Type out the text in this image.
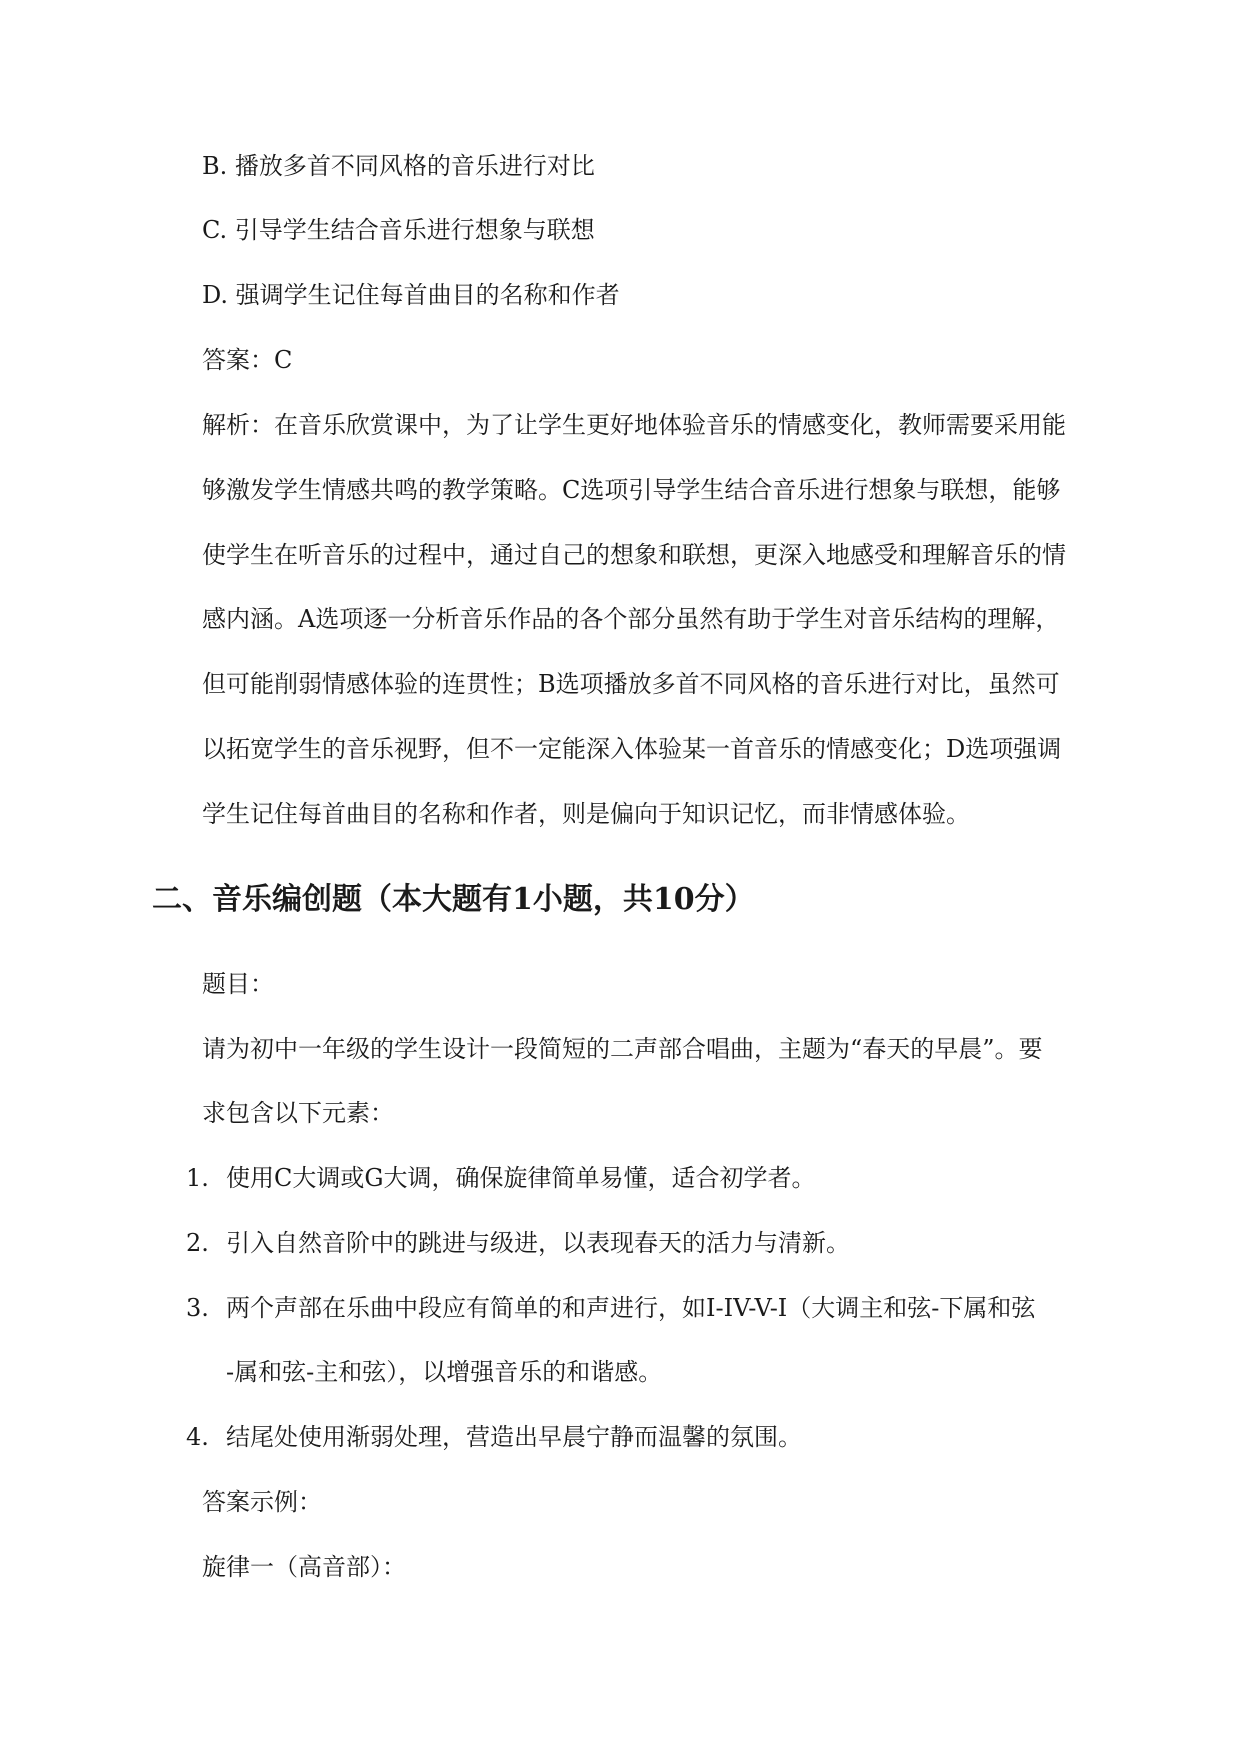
B. 播放多首不同风格的音乐进行对比

C. 引导学生结合音乐进行想象与联想

D. 强调学生记住每首曲目的名称和作者

答案：C

解析：在音乐欣赏课中，为了让学生更好地体验音乐的情感变化，教师需要采用能

够激发学生情感共鸣的教学策略。C选项引导学生结合音乐进行想象与联想，能够

使学生在听音乐的过程中，通过自己的想象和联想，更深入地感受和理解音乐的情

感内涵。A选项逐一分析音乐作品的各个部分虽然有助于学生对音乐结构的理解，

但可能削弱情感体验的连贯性；B选项播放多首不同风格的音乐进行对比，虽然可

以拓宽学生的音乐视野，但不一定能深入体验某一首音乐的情感变化；D选项强调

学生记住每首曲目的名称和作者，则是偏向于知识记忆，而非情感体验。

二、音乐编创题（本大题有1小题，共10分）

题目：

请为初中一年级的学生设计一段简短的二声部合唱曲，主题为“春天的早晨”。要

求包含以下元素：

1. 使用C大调或G大调，确保旋律简单易懂，适合初学者。

2. 引入自然音阶中的跳进与级进，以表现春天的活力与清新。

3. 两个声部在乐曲中段应有简单的和声进行，如I-IV-V-I（大调主和弦-下属和弦

-属和弦-主和弦），以增强音乐的和谐感。

4. 结尾处使用渐弱处理，营造出早晨宁静而温馨的氛围。

答案示例：

旋律一（高音部）：
